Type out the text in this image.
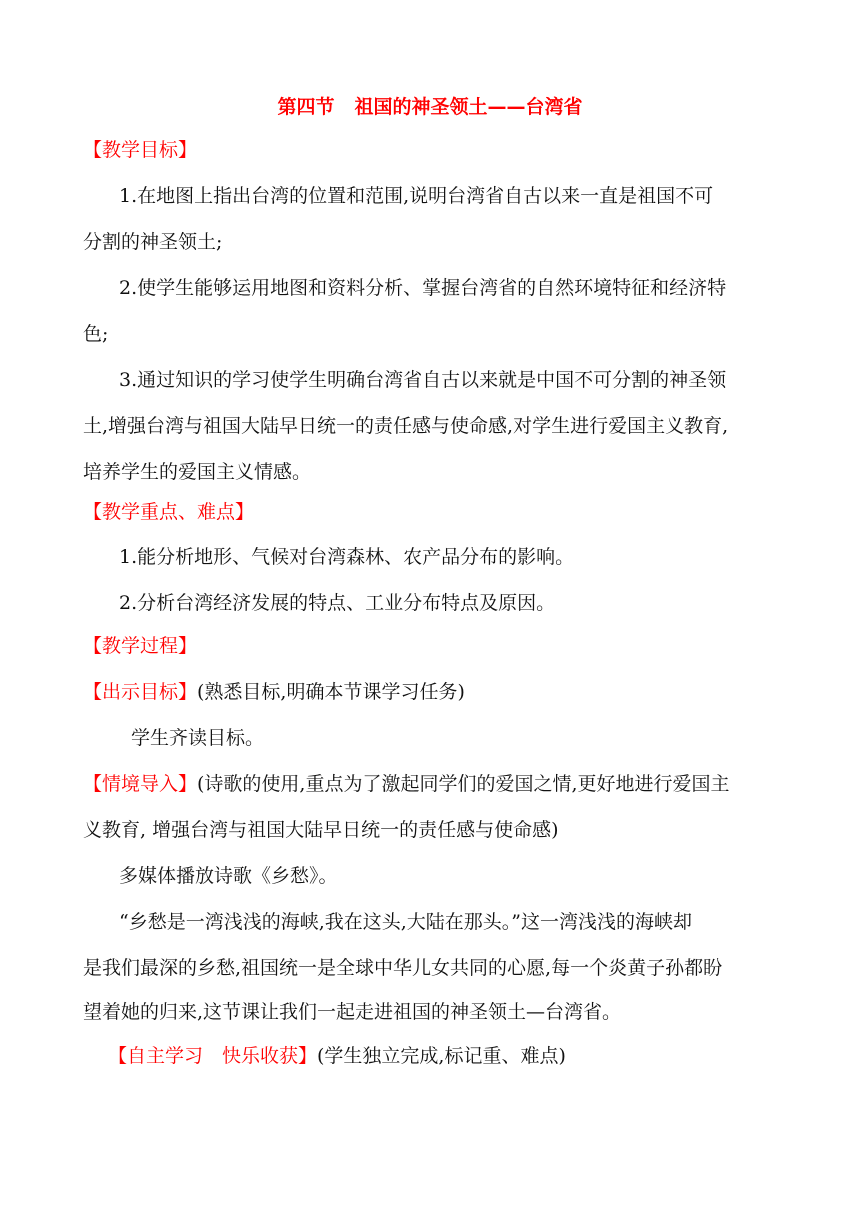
第四节 祖国的神圣领土——台湾省
【教学目标】
1.在地图上指出台湾的位置和范围,说明台湾省自古以来一直是祖国不可
分割的神圣领土;
2.使学生能够运用地图和资料分析、掌握台湾省的自然环境特征和经济特
色;
3.通过知识的学习使学生明确台湾省自古以来就是中国不可分割的神圣领
土,增强台湾与祖国大陆早日统一的责任感与使命感,对学生进行爱国主义教育,
培养学生的爱国主义情感。
【教学重点、难点】
1.能分析地形、气候对台湾森林、农产品分布的影响。
2.分析台湾经济发展的特点、工业分布特点及原因。
【教学过程】
【出示目标】(熟悉目标,明确本节课学习任务)
学生齐读目标。
【情境导入】(诗歌的使用,重点为了激起同学们的爱国之情,更好地进行爱国主
义教育, 增强台湾与祖国大陆早日统一的责任感与使命感)
多媒体播放诗歌《乡愁》。
“乡愁是一湾浅浅的海峡,我在这头,大陆在那头。”这一湾浅浅的海峡却
是我们最深的乡愁,祖国统一是全球中华儿女共同的心愿,每一个炎黄子孙都盼
望着她的归来,这节课让我们一起走进祖国的神圣领土—台湾省。
【自主学习　快乐收获】(学生独立完成,标记重、难点)
